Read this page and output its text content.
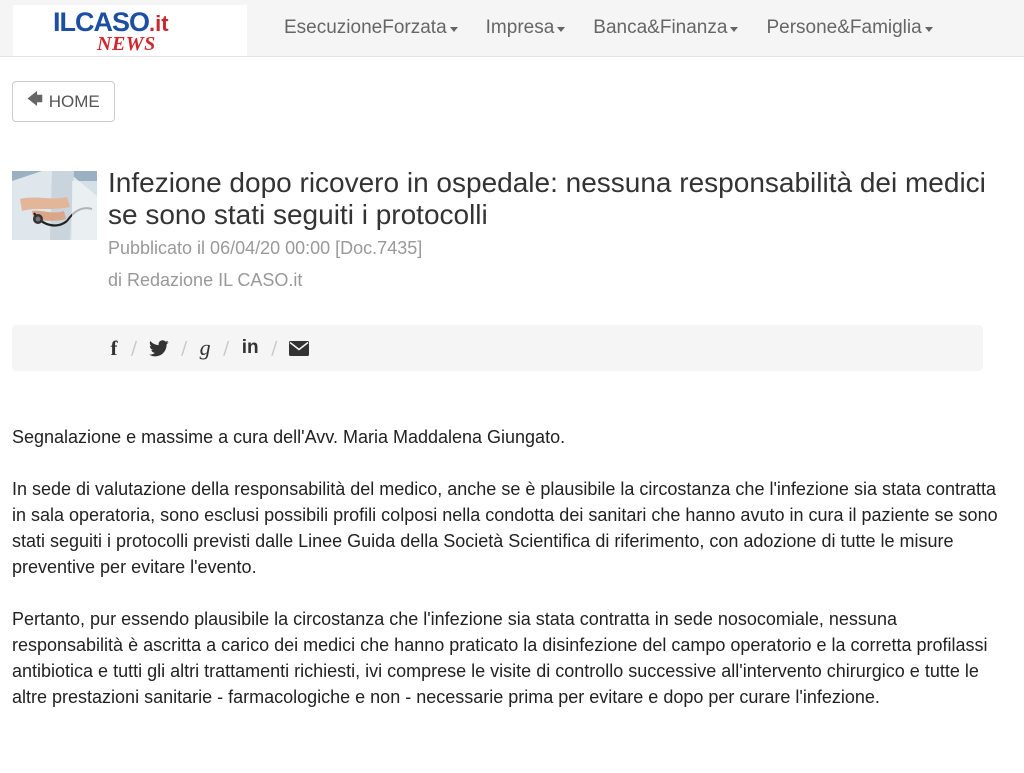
ILCASO.it
NEWS
EsecuzioneForzata Impresa Banca&Finanza Persone&Famiglia
🡄 HOME
Infezione dopo ricovero in ospedale: nessuna responsabilità dei medici se sono stati seguiti i protocolli
Pubblicato il 06/04/20 00:00 [Doc.7435]
di Redazione IL CASO.it
f / / g / in /

Segnalazione e massime a cura dell'Avv. Maria Maddalena Giungato.

In sede di valutazione della responsabilità del medico, anche se è plausibile la circostanza che l'infezione sia stata contratta in sala operatoria, sono esclusi possibili profili colposi nella condotta dei sanitari che hanno avuto in cura il paziente se sono stati seguiti i protocolli previsti dalle Linee Guida della Società Scientifica di riferimento, con adozione di tutte le misure preventive per evitare l'evento.

Pertanto, pur essendo plausibile la circostanza che l'infezione sia stata contratta in sede nosocomiale, nessuna responsabilità è ascritta a carico dei medici che hanno praticato la disinfezione del campo operatorio e la corretta profilassi antibiotica e tutti gli altri trattamenti richiesti, ivi comprese le visite di controllo successive all'intervento chirurgico e tutte le altre prestazioni sanitarie - farmacologiche e non - necessarie prima per evitare e dopo per curare l'infezione.
